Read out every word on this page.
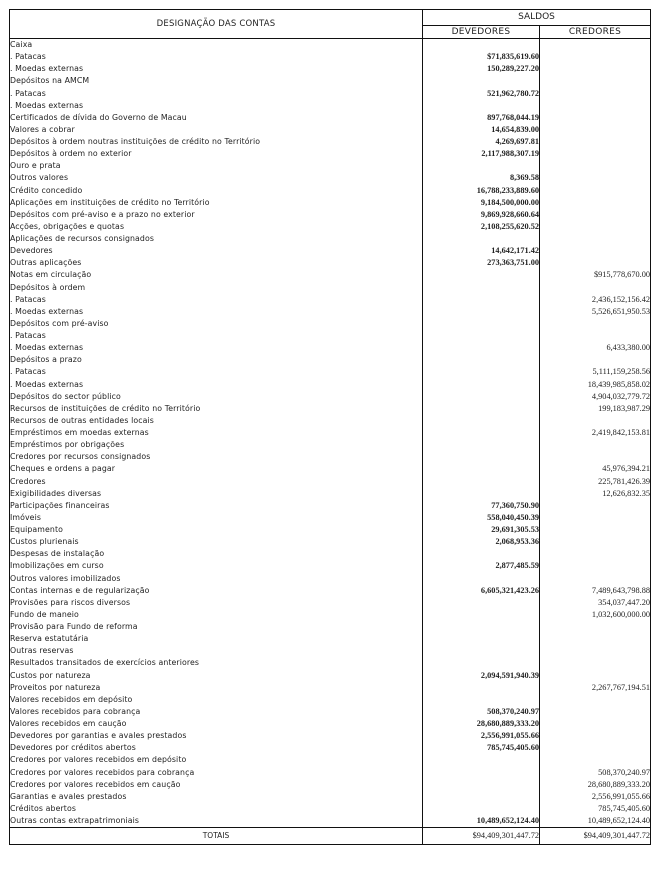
DESIGNAÇÃO DAS CONTAS	SALDOS	
	DEVEDORES	CREDORES
Caixa		
. Patacas	$71,835,619.60	
. Moedas externas	150,289,227.20	
Depósitos na AMCM		
. Patacas	521,962,780.72	
. Moedas externas		
Certificados de dívida do Governo de Macau	897,768,044.19	
Valores a cobrar	14,654,839.00	
Depósitos à ordem noutras instituições de crédito no Território	4,269,697.81	
Depósitos à ordem no exterior	2,117,988,307.19	
Ouro e prata		
Outros valores	8,369.58	
Crédito concedido	16,788,233,889.60	
Aplicações em instituições de crédito no Território	9,184,500,000.00	
Depósitos com pré-aviso e a prazo no exterior	9,869,928,660.64	
Acções, obrigações e quotas	2,108,255,620.52	
Aplicações de recursos consignados		
Devedores	14,642,171.42	
Outras aplicações	273,363,751.00	
Notas em circulação		$915,778,670.00
Depósitos à ordem		
. Patacas		2,436,152,156.42
. Moedas externas		5,526,651,950.53
Depósitos com pré-aviso		
. Patacas		
. Moedas externas		6,433,380.00
Depósitos a prazo		
. Patacas		5,111,159,258.56
. Moedas externas		18,439,985,858.02
Depósitos do sector público		4,904,032,779.72
Recursos de instituições de crédito no Território		199,183,987.29
Recursos de outras entidades locais		
Empréstimos em moedas externas		2,419,842,153.81
Empréstimos por obrigações		
Credores por recursos consignados		
Cheques e ordens a pagar		45,976,394.21
Credores		225,781,426.39
Exigibilidades diversas		12,626,832.35
Participações financeiras	77,360,750.90	
Imóveis	558,040,450.39	
Equipamento	29,691,305.53	
Custos plurienais	2,068,953.36	
Despesas de instalação		
Imobilizações em curso	2,877,485.59	
Outros valores imobilizados		
Contas internas e de regularização	6,605,321,423.26	7,489,643,798.88
Provisões para riscos diversos		354,037,447.20
Fundo de maneio		1,032,600,000.00
Provisão para Fundo de reforma		
Reserva estatutária		
Outras reservas		
Resultados transitados de exercícios anteriores		
Custos por natureza	2,094,591,940.39	
Proveitos por natureza		2,267,767,194.51
Valores recebidos em depósito		
Valores recebidos para cobrança	508,370,240.97	
Valores recebidos em caução	28,680,889,333.20	
Devedores por garantias e avales prestados	2,556,991,055.66	
Devedores por créditos abertos	785,745,405.60	
Credores por valores recebidos em depósito		
Credores por valores recebidos para cobrança		508,370,240.97
Credores por valores recebidos em caução		28,680,889,333.20
Garantias e avales prestados		2,556,991,055.66
Créditos abertos		785,745,405.60
Outras contas extrapatrimoniais	10,489,652,124.40	10,489,652,124.40
TOTAIS	$94,409,301,447.72	$94,409,301,447.72
